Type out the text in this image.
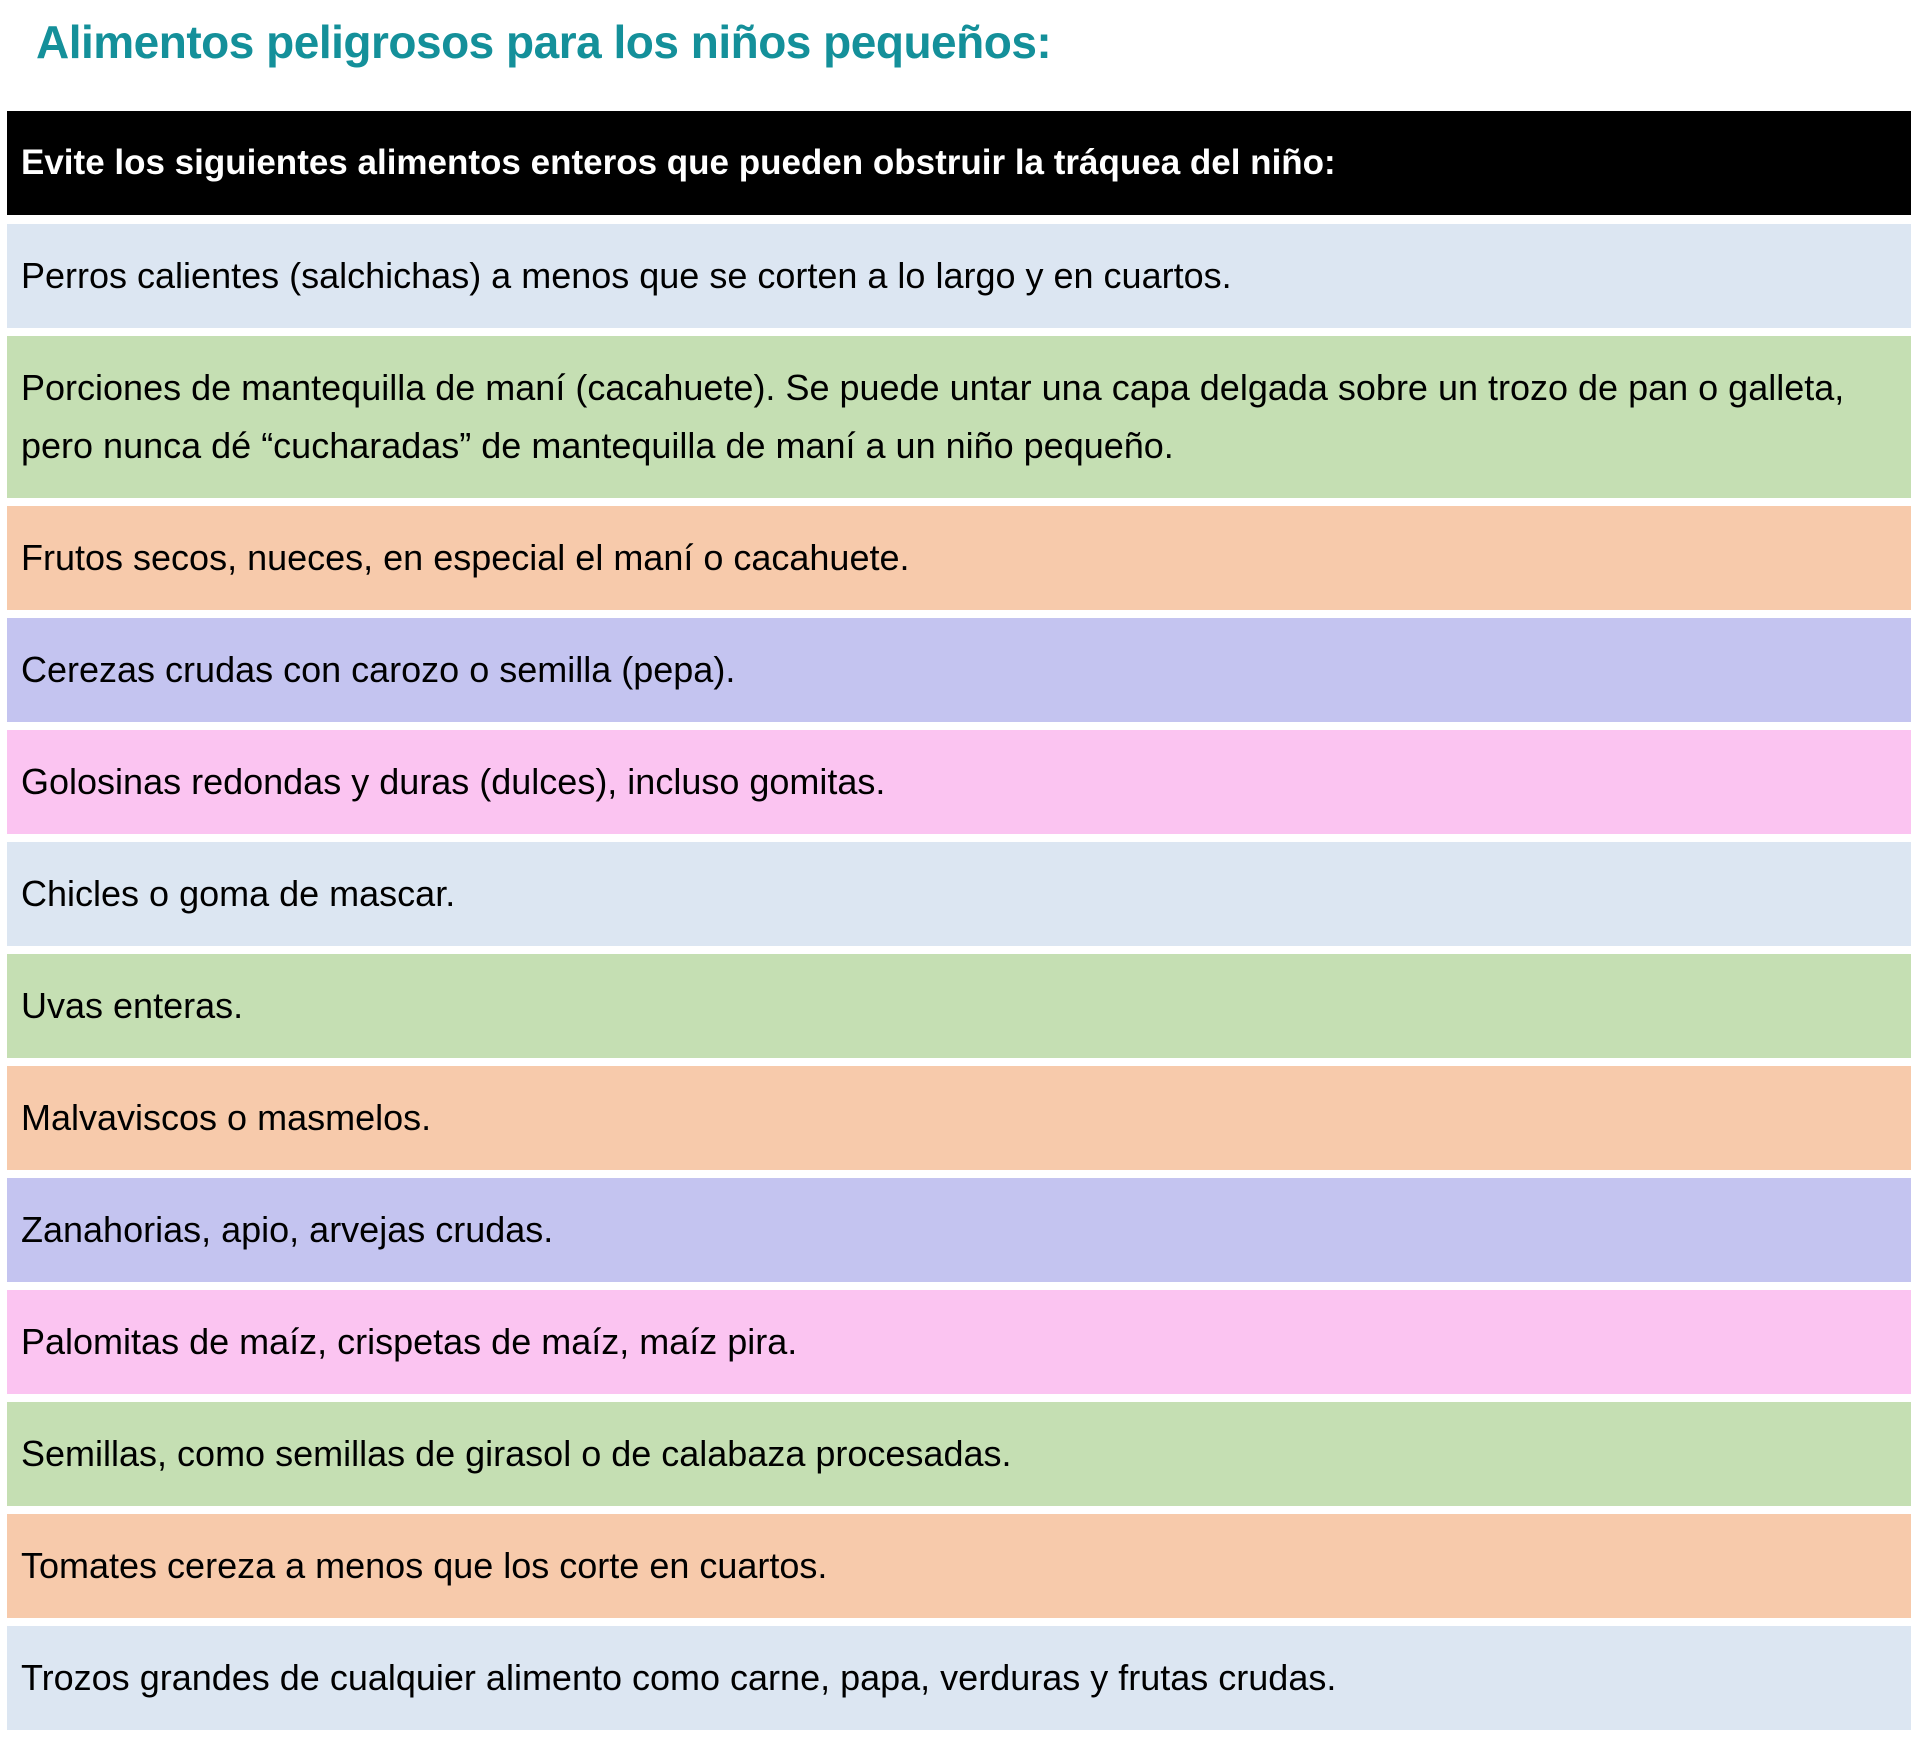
Alimentos peligrosos para los niños pequeños:
Evite los siguientes alimentos enteros que pueden obstruir la tráquea del niño:
Perros calientes (salchichas) a menos que se corten a lo largo y en cuartos.
Porciones de mantequilla de maní (cacahuete). Se puede untar una capa delgada sobre un trozo de pan o galleta, pero nunca dé “cucharadas” de mantequilla de maní a un niño pequeño.
Frutos secos, nueces, en especial el maní o cacahuete.
Cerezas crudas con carozo o semilla (pepa).
Golosinas redondas y duras (dulces), incluso gomitas.
Chicles o goma de mascar.
Uvas enteras.
Malvaviscos o masmelos.
Zanahorias, apio, arvejas crudas.
Palomitas de maíz, crispetas de maíz, maíz pira.
Semillas, como semillas de girasol o de calabaza procesadas.
Tomates cereza a menos que los corte en cuartos.
Trozos grandes de cualquier alimento como carne, papa, verduras y frutas crudas.
